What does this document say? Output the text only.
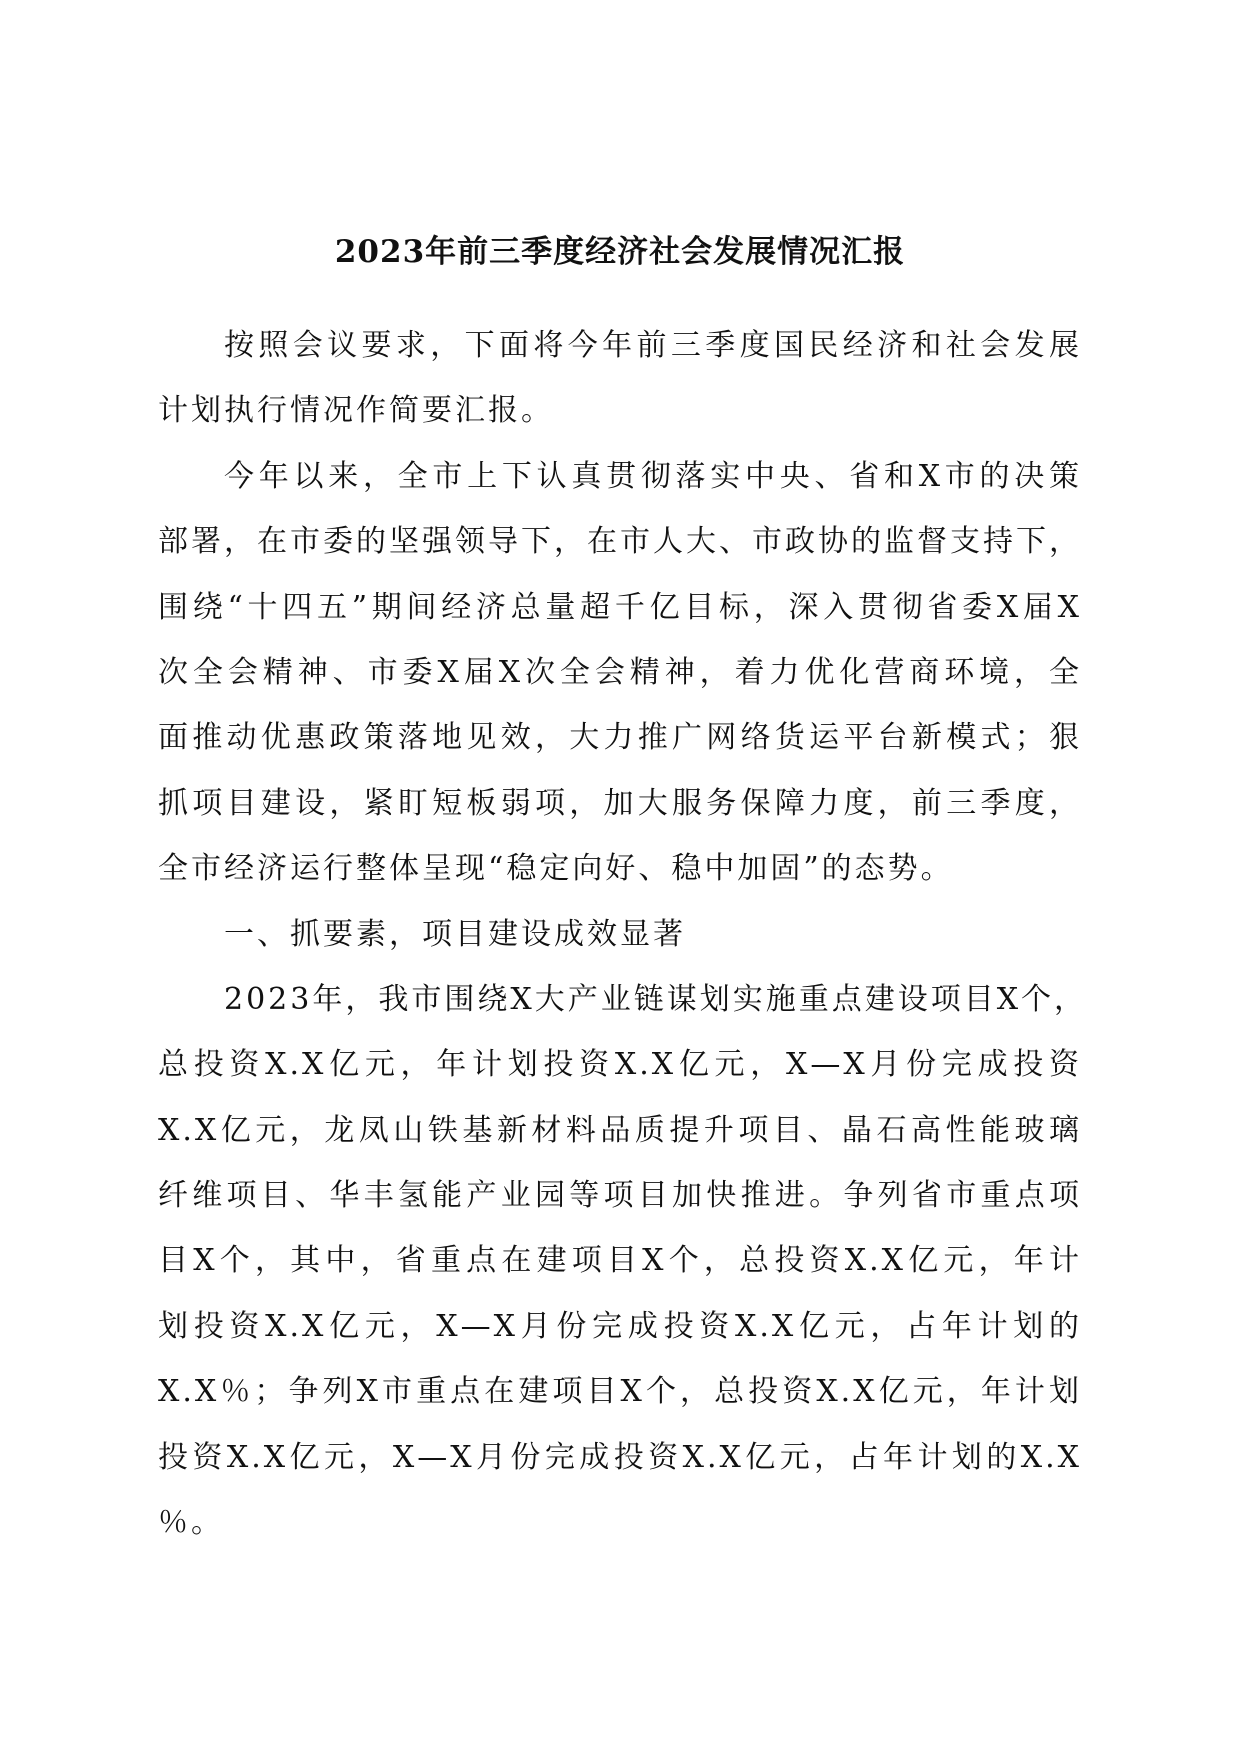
2023年前三季度经济社会发展情况汇报
按照会议要求，下面将今年前三季度国民经济和社会发展
计划执行情况作简要汇报。
今年以来，全市上下认真贯彻落实中央、省和X市的决策
部署，在市委的坚强领导下，在市人大、市政协的监督支持下，
围绕“十四五”期间经济总量超千亿目标，深入贯彻省委X届X
次全会精神、市委X届X次全会精神，着力优化营商环境，全
面推动优惠政策落地见效，大力推广网络货运平台新模式；狠
抓项目建设，紧盯短板弱项，加大服务保障力度，前三季度，
全市经济运行整体呈现“稳定向好、稳中加固”的态势。
一、抓要素，项目建设成效显著
2023年，我市围绕X大产业链谋划实施重点建设项目X个，
总投资X.X亿元，年计划投资X.X亿元，X—X月份完成投资
X.X亿元，龙凤山铁基新材料品质提升项目、晶石高性能玻璃
纤维项目、华丰氢能产业园等项目加快推进。争列省市重点项
目X个，其中，省重点在建项目X个，总投资X.X亿元，年计
划投资X.X亿元，X—X月份完成投资X.X亿元，占年计划的
X.X％；争列X市重点在建项目X个，总投资X.X亿元，年计划
投资X.X亿元，X—X月份完成投资X.X亿元，占年计划的X.X
％。
